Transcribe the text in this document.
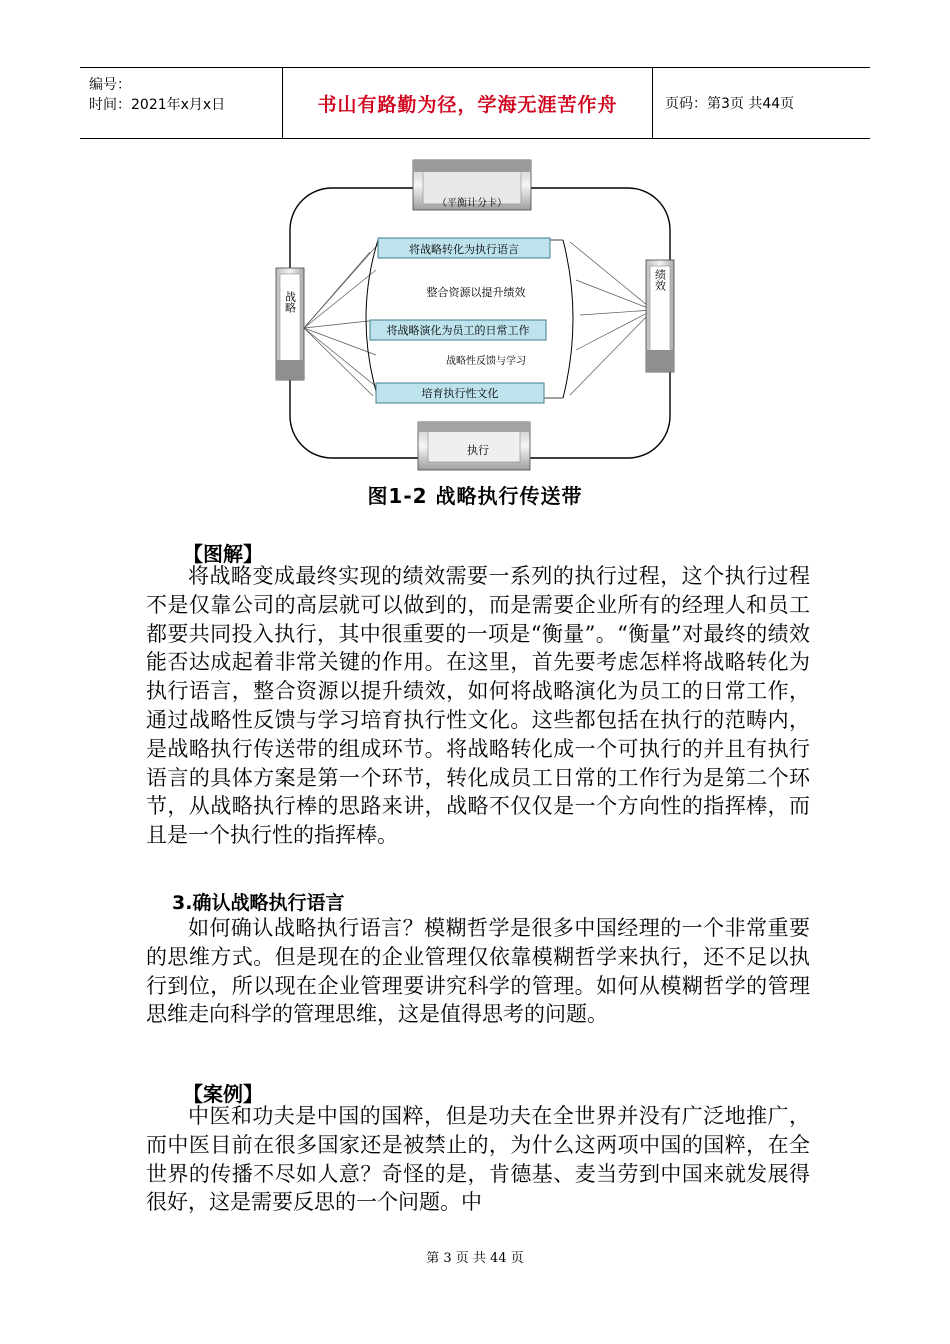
编号：
时间：2021年x月x日	书山有路勤为径，学海无涯苦作舟	页码：第3页 共44页
将战略转化为执行语言
整合资源以提升绩效
将战略演化为员工的日常工作
战略性反馈与学习
培育执行性文化
战略
绩效
（平衡计分卡）
执行
图1-2 战略执行传送带
【图解】
将战略变成最终实现的绩效需要一系列的执行过程，这个执行过程不是仅靠公司的高层就可以做到的，而是需要企业所有的经理人和员工都要共同投入执行，其中很重要的一项是“衡量”。“衡量”对最终的绩效能否达成起着非常关键的作用。在这里，首先要考虑怎样将战略转化为执行语言，整合资源以提升绩效，如何将战略演化为员工的日常工作，通过战略性反馈与学习培育执行性文化。这些都包括在执行的范畴内，是战略执行传送带的组成环节。将战略转化成一个可执行的并且有执行语言的具体方案是第一个环节，转化成员工日常的工作行为是第二个环节，从战略执行棒的思路来讲，战略不仅仅是一个方向性的指挥棒，而且是一个执行性的指挥棒。
3.确认战略执行语言
如何确认战略执行语言？模糊哲学是很多中国经理的一个非常重要的思维方式。但是现在的企业管理仅依靠模糊哲学来执行，还不足以执行到位，所以现在企业管理要讲究科学的管理。如何从模糊哲学的管理思维走向科学的管理思维，这是值得思考的问题。
【案例】
中医和功夫是中国的国粹，但是功夫在全世界并没有广泛地推广，而中医目前在很多国家还是被禁止的，为什么这两项中国的国粹，在全世界的传播不尽如人意？奇怪的是，肯德基、麦当劳到中国来就发展得很好，这是需要反思的一个问题。中
第 3 页 共 44 页
